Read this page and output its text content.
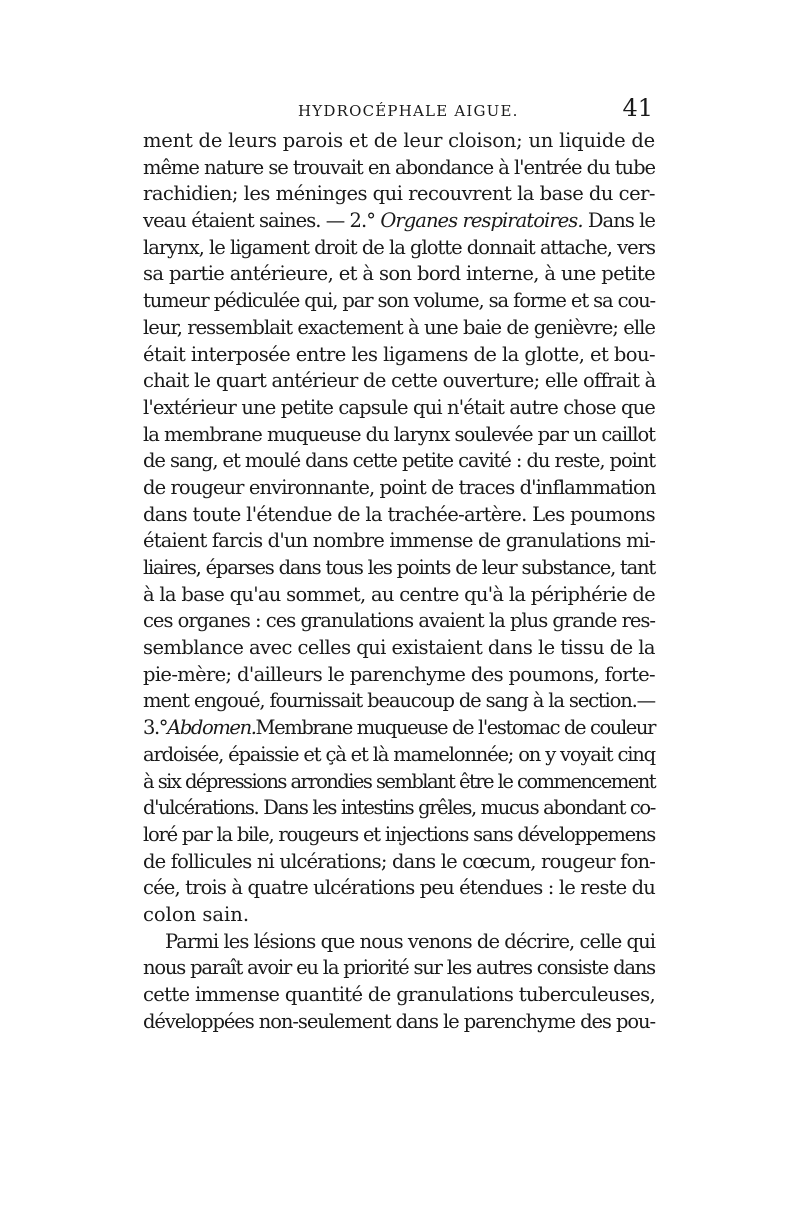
HYDROCÉPHALE AIGUE.	41
ment de leurs parois et de leur cloison; un liquide de
même nature se trouvait en abondance à l'entrée du tube
rachidien; les méninges qui recouvrent la base du cer-
veau étaient saines. — 2.° Organes respiratoires. Dans le
larynx, le ligament droit de la glotte donnait attache, vers
sa partie antérieure, et à son bord interne, à une petite
tumeur pédiculée qui, par son volume, sa forme et sa cou-
leur, ressemblait exactement à une baie de genièvre; elle
était interposée entre les ligamens de la glotte, et bou-
chait le quart antérieur de cette ouverture; elle offrait à
l'extérieur une petite capsule qui n'était autre chose que
la membrane muqueuse du larynx soulevée par un caillot
de sang, et moulé dans cette petite cavité : du reste, point
de rougeur environnante, point de traces d'inflammation
dans toute l'étendue de la trachée-artère. Les poumons
étaient farcis d'un nombre immense de granulations mi-
liaires, éparses dans tous les points de leur substance, tant
à la base qu'au sommet, au centre qu'à la périphérie de
ces organes : ces granulations avaient la plus grande res-
semblance avec celles qui existaient dans le tissu de la
pie-mère; d'ailleurs le parenchyme des poumons, forte-
ment engoué, fournissait beaucoup de sang à la section.—
3.°Abdomen.Membrane muqueuse de l'estomac de couleur
ardoisée, épaissie et çà et là mamelonnée; on y voyait cinq
à six dépressions arrondies semblant être le commencement
d'ulcérations. Dans les intestins grêles, mucus abondant co-
loré par la bile, rougeurs et injections sans développemens
de follicules ni ulcérations; dans le cœcum, rougeur fon-
cée, trois à quatre ulcérations peu étendues : le reste du
colon sain.
Parmi les lésions que nous venons de décrire, celle qui
nous paraît avoir eu la priorité sur les autres consiste dans
cette immense quantité de granulations tuberculeuses,
développées non-seulement dans le parenchyme des pou-
